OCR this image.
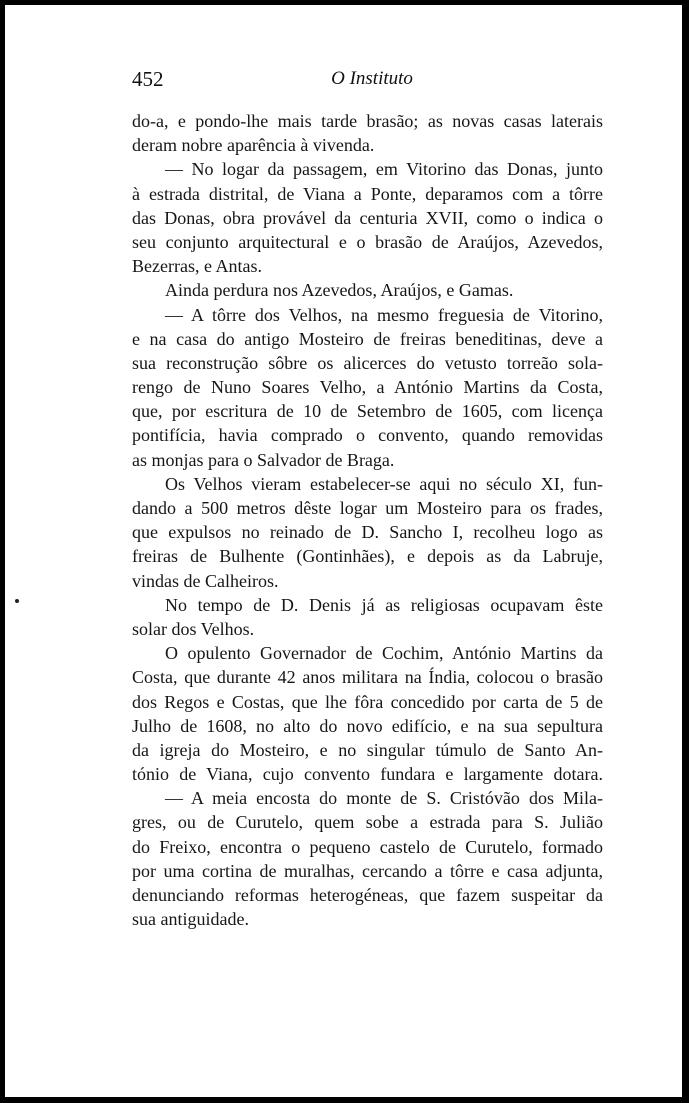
452	O Instituto
do-a, e pondo-lhe mais tarde brasão; as novas casas laterais
deram nobre aparência à vivenda.
— No logar da passagem, em Vitorino das Donas, junto
à estrada distrital, de Viana a Ponte, deparamos com a tôrre
das Donas, obra provável da centuria XVII, como o indica o
seu conjunto arquitectural e o brasão de Araújos, Azevedos,
Bezerras, e Antas.
Ainda perdura nos Azevedos, Araújos, e Gamas.
— A tôrre dos Velhos, na mesmo freguesia de Vitorino,
e na casa do antigo Mosteiro de freiras beneditinas, deve a
sua reconstrução sôbre os alicerces do vetusto torreão sola-
rengo de Nuno Soares Velho, a António Martins da Costa,
que, por escritura de 10 de Setembro de 1605, com licença
pontifícia, havia comprado o convento, quando removidas
as monjas para o Salvador de Braga.
Os Velhos vieram estabelecer-se aqui no século XI, fun-
dando a 500 metros dêste logar um Mosteiro para os frades,
que expulsos no reinado de D. Sancho I, recolheu logo as
freiras de Bulhente (Gontinhães), e depois as da Labruje,
vindas de Calheiros.
No tempo de D. Denis já as religiosas ocupavam êste
solar dos Velhos.
O opulento Governador de Cochim, António Martins da
Costa, que durante 42 anos militara na Índia, colocou o brasão
dos Regos e Costas, que lhe fôra concedido por carta de 5 de
Julho de 1608, no alto do novo edifício, e na sua sepultura
da igreja do Mosteiro, e no singular túmulo de Santo An-
tónio de Viana, cujo convento fundara e largamente dotara.
— A meia encosta do monte de S. Cristóvão dos Mila-
gres, ou de Curutelo, quem sobe a estrada para S. Julião
do Freixo, encontra o pequeno castelo de Curutelo, formado
por uma cortina de muralhas, cercando a tôrre e casa adjunta,
denunciando reformas heterogéneas, que fazem suspeitar da
sua antiguidade.
